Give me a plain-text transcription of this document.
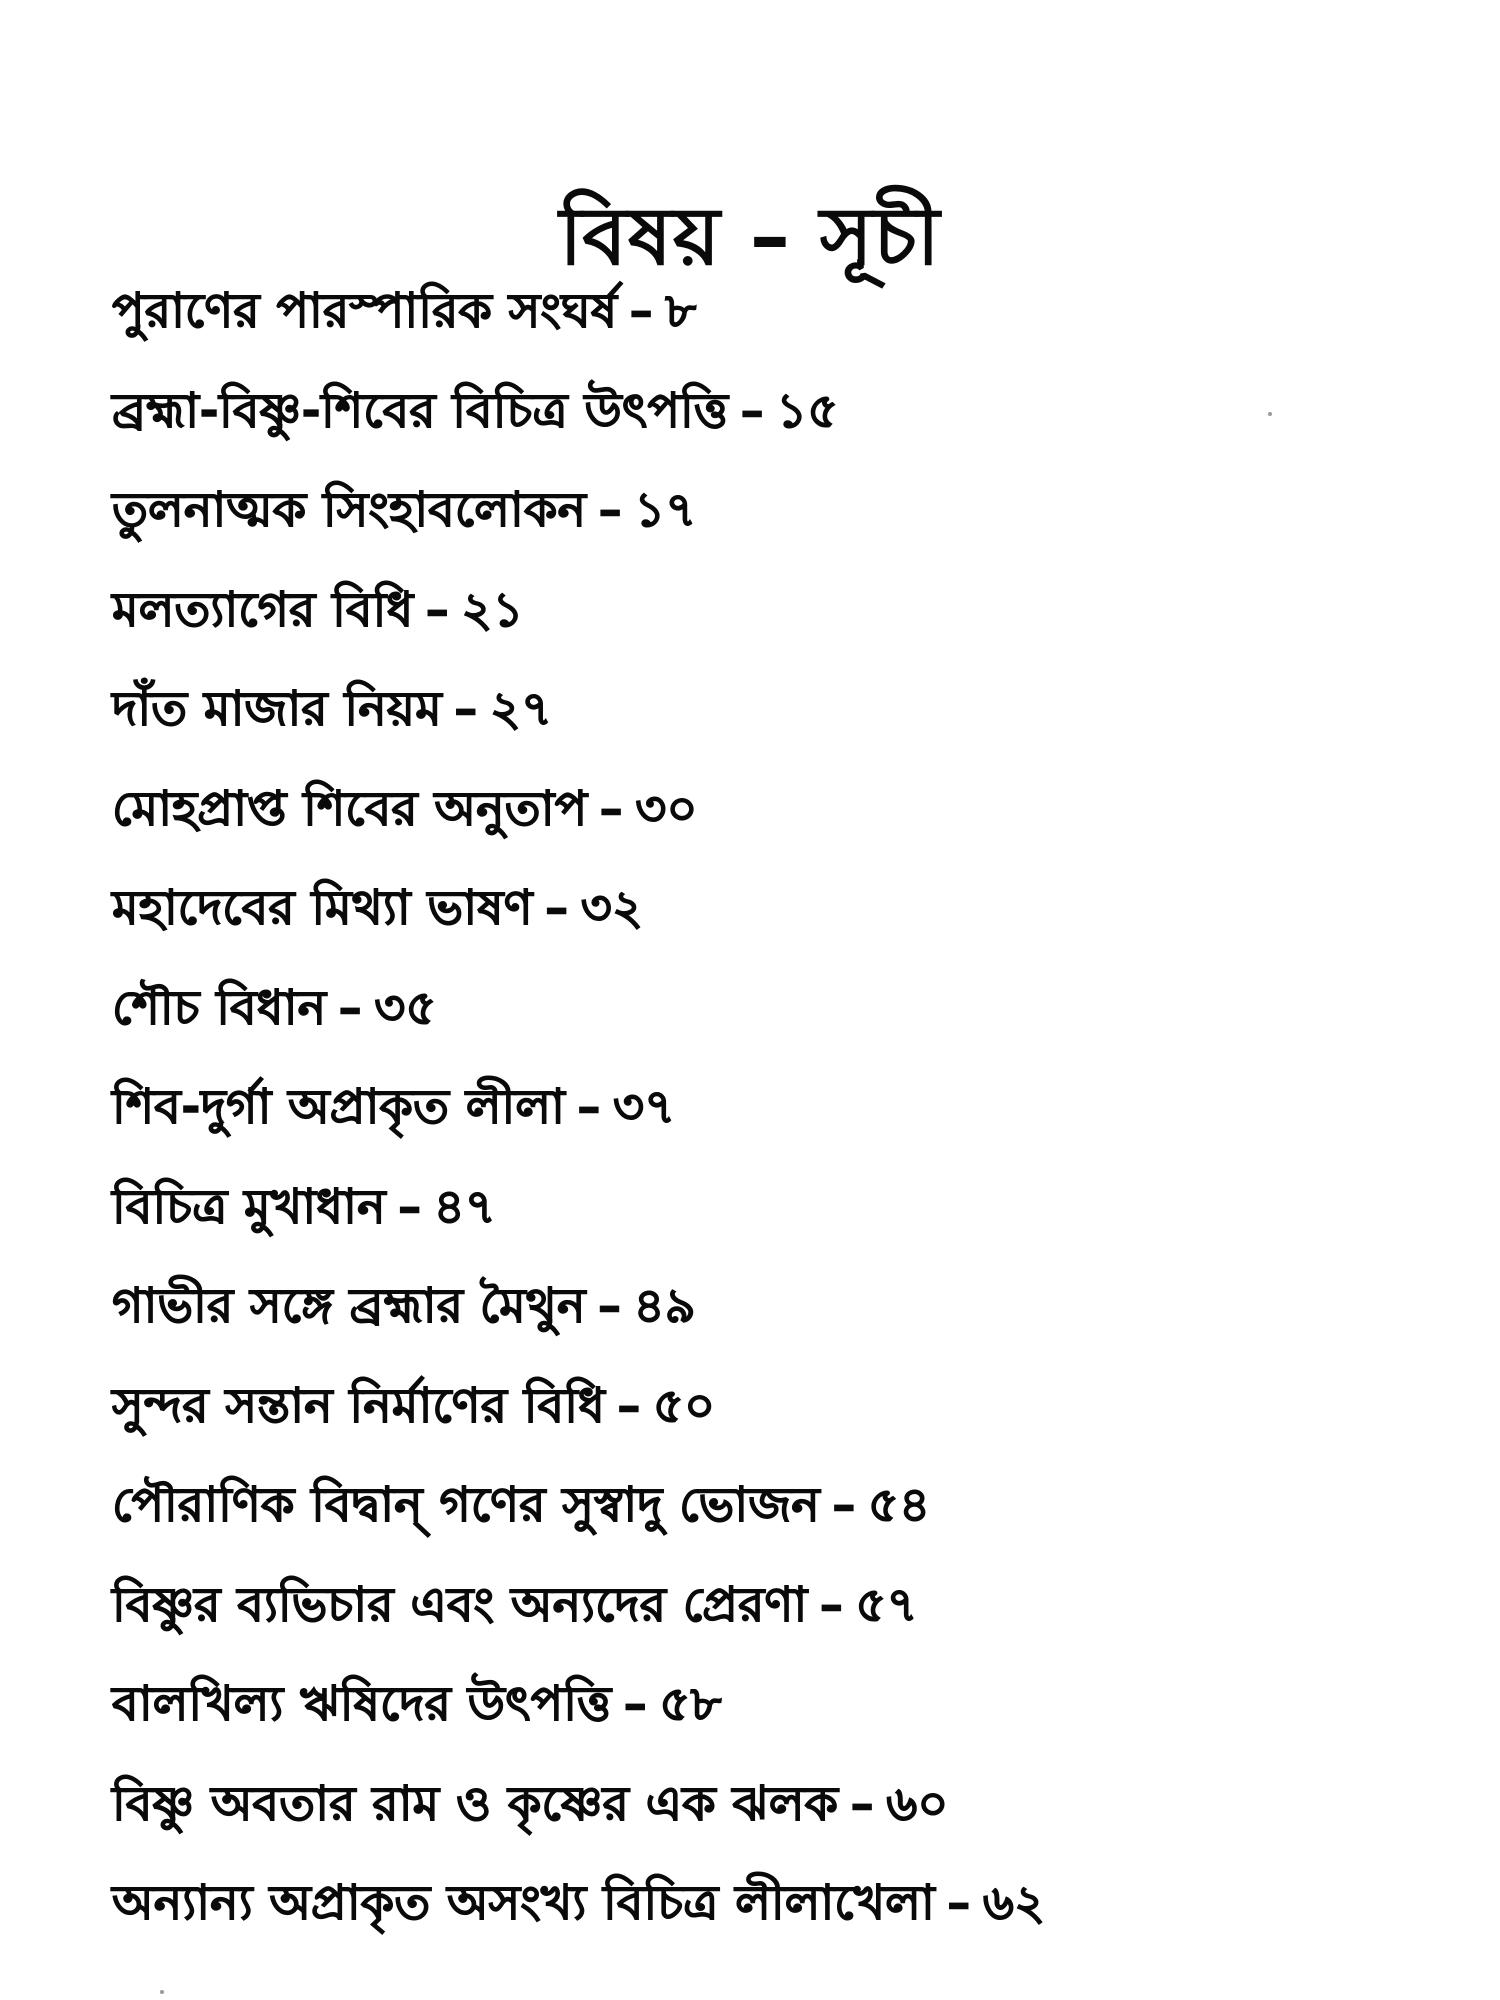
বিষয় – সূচী
পুরাণের পারস্পারিক সংঘর্ষ – ৮
ব্রহ্মা-বিষ্ণু-শিবের বিচিত্র উৎপত্তি – ১৫
তুলনাত্মক সিংহাবলোকন – ১৭
মলত্যাগের বিধি – ২১
দাঁত মাজার নিয়ম – ২৭
মোহপ্রাপ্ত শিবের অনুতাপ – ৩০
মহাদেবের মিথ্যা ভাষণ – ৩২
শৌচ বিধান – ৩৫
শিব-দুর্গা অপ্রাকৃত লীলা – ৩৭
বিচিত্র মুখাধান – ৪৭
গাভীর সঙ্গে ব্রহ্মার মৈথুন – ৪৯
সুন্দর সন্তান নির্মাণের বিধি – ৫০
পৌরাণিক বিদ্বান্ গণের সুস্বাদু ভোজন – ৫৪
বিষ্ণুর ব্যভিচার এবং অন্যদের প্রেরণা – ৫৭
বালখিল্য ঋষিদের উৎপত্তি – ৫৮
বিষ্ণু অবতার রাম ও কৃষ্ণের এক ঝলক – ৬০
অন্যান্য অপ্রাকৃত অসংখ্য বিচিত্র লীলাখেলা – ৬২
